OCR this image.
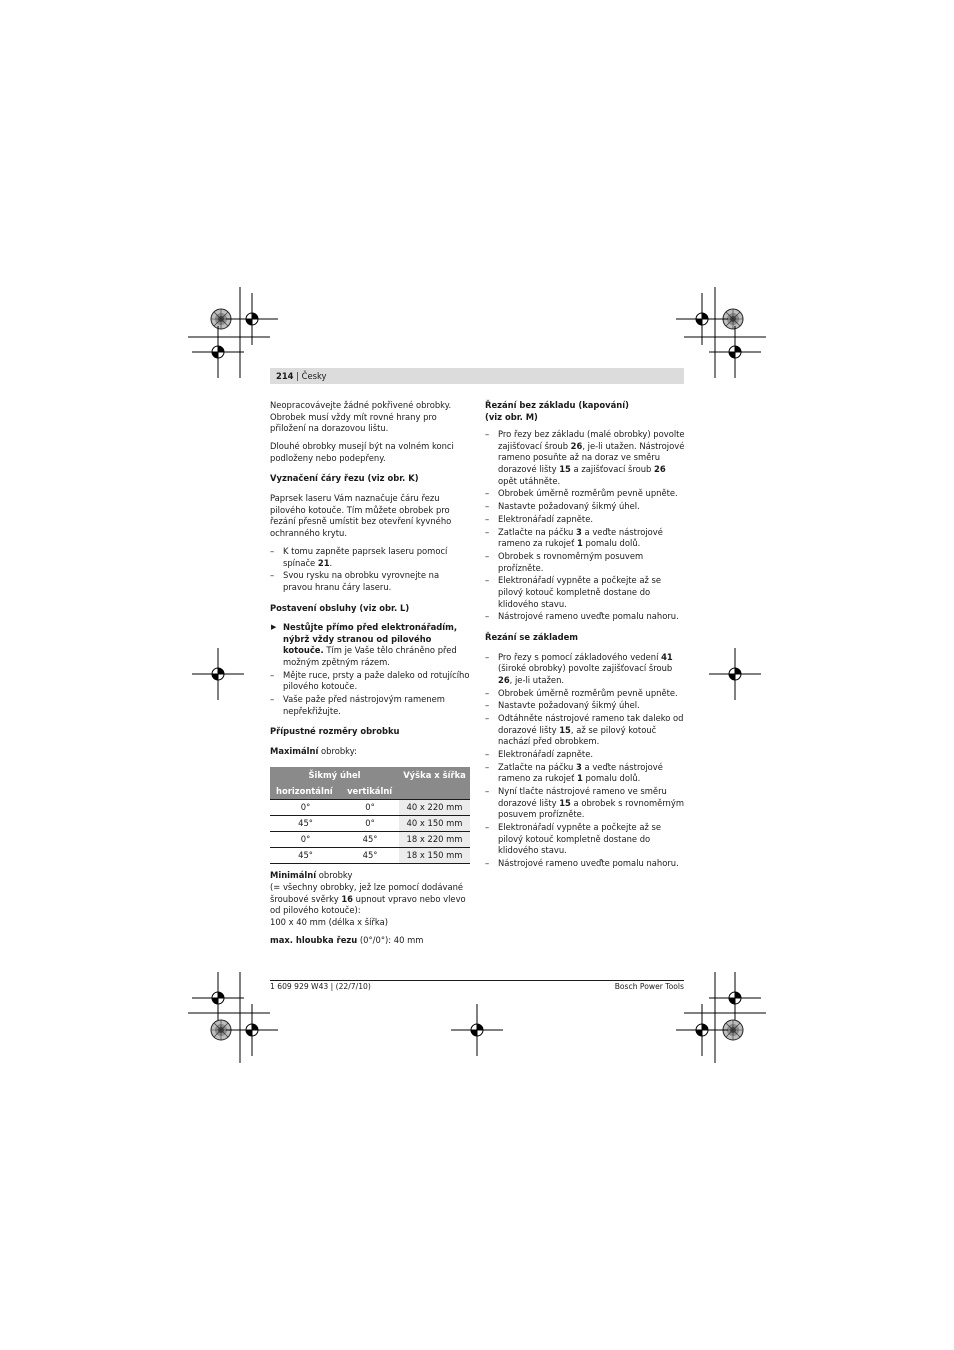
214 | Česky

Neopracovávejte žádné pokřivené obrobky. Obrobek musí vždy mít rovné hrany pro přiložení na dorazovou lištu.

Dlouhé obrobky musejí být na volném konci podloženy nebo podepřeny.

Vyznačení čáry řezu (viz obr. K)

Paprsek laseru Vám naznačuje čáru řezu pilového kotouče. Tím můžete obrobek pro řezání přesně umístit bez otevření kyvného ochranného krytu.

– K tomu zapněte paprsek laseru pomocí spínače 21.
– Svou rysku na obrobku vyrovnejte na pravou hranu čáry laseru.

Postavení obsluhy (viz obr. L)

▶ Nestůjte přímo před elektronářadím, nýbrž vždy stranou od pilového kotouče. Tím je Vaše tělo chráněno před možným zpětným rázem.
– Mějte ruce, prsty a paže daleko od rotujícího pilového kotouče.
– Vaše paže před nástrojovým ramenem nepřekřižujte.

Přípustné rozměry obrobku

Maximální obrobky:

Šikmý úhel		Výška x šířka
horizontální	vertikální	
0°	0°	40 x 220 mm
45°	0°	40 x 150 mm
0°	45°	18 x 220 mm
45°	45°	18 x 150 mm

Minimální obrobky

(= všechny obrobky, jež lze pomocí dodávané šroubové svěrky 16 upnout vpravo nebo vlevo od pilového kotouče):

100 x 40 mm (délka x šířka)

max. hloubka řezu (0°/0°): 40 mm

Řezání bez základu (kapování)
(viz obr. M)

– Pro řezy bez základu (malé obrobky) povolte zajišťovací šroub 26, je-li utažen. Nástrojové rameno posuňte až na doraz ve směru dorazové lišty 15 a zajišťovací šroub 26 opět utáhněte.
– Obrobek úměrně rozměrům pevně upněte.
– Nastavte požadovaný šikmý úhel.
– Elektronářadí zapněte.
– Zatlačte na páčku 3 a veďte nástrojové rameno za rukojeť 1 pomalu dolů.
– Obrobek s rovnoměrným posuvem prořízněte.
– Elektronářadí vypněte a počkejte až se pilový kotouč kompletně dostane do klidového stavu.
– Nástrojové rameno uveďte pomalu nahoru.

Řezání se základem

– Pro řezy s pomocí základového vedení 41 (široké obrobky) povolte zajišťovací šroub 26, je-li utažen.
– Obrobek úměrně rozměrům pevně upněte.
– Nastavte požadovaný šikmý úhel.
– Odtáhněte nástrojové rameno tak daleko od dorazové lišty 15, až se pilový kotouč nachází před obrobkem.
– Elektronářadí zapněte.
– Zatlačte na páčku 3 a veďte nástrojové rameno za rukojeť 1 pomalu dolů.
– Nyní tlačte nástrojové rameno ve směru dorazové lišty 15 a obrobek s rovnoměrným posuvem prořízněte.
– Elektronářadí vypněte a počkejte až se pilový kotouč kompletně dostane do klidového stavu.
– Nástrojové rameno uveďte pomalu nahoru.
1 609 929 W43 | (22/7/10)	Bosch Power Tools
